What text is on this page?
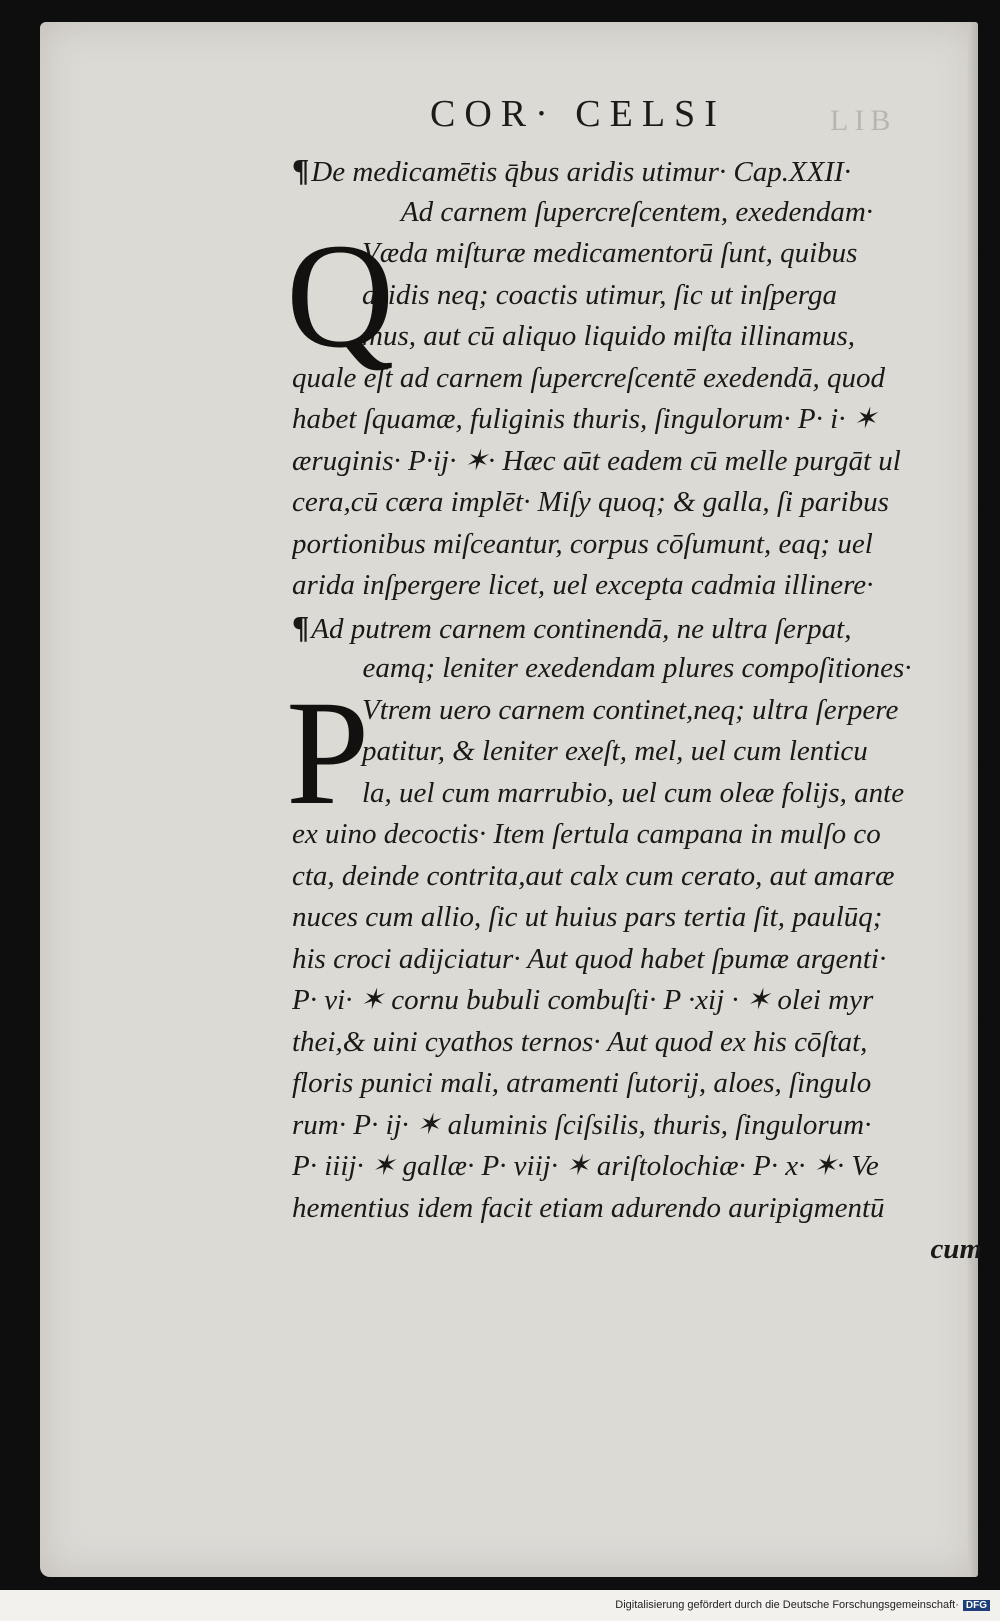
COR· CELSI	LIB
¶De medicamētis q̄bus aridis utimur· Cap.XXII·
Ad carnem ſupercreſcentem, exedendam·
Q
Væda miſturæ medicamentorū ſunt, quibus
aridis neq; coactis utimur, ſic ut inſperga
mus, aut cū aliquo liquido miſta illinamus,
quale eſt ad carnem ſupercreſcentē exedendā, quod
habet ſquamæ, fuliginis thuris, ſingulorum· P· i· ✶
æruginis· P·ij· ✶· Hæc aūt eadem cū melle purgāt ul
cera,cū cæra implēt· Miſy quoq; & galla, ſi paribus
portionibus miſceantur, corpus cōſumunt, eaq; uel
arida inſpergere licet, uel excepta cadmia illinere·
¶Ad putrem carnem continendā, ne ultra ſerpat,
eamq; leniter exedendam plures compoſitiones·
P
Vtrem uero carnem continet,neq; ultra ſerpere
patitur, & leniter exeſt, mel, uel cum lenticu
la, uel cum marrubio, uel cum oleæ folijs, ante
ex uino decoctis· Item ſertula campana in mulſo co
cta, deinde contrita,aut calx cum cerato, aut amaræ
nuces cum allio, ſic ut huius pars tertia ſit, paulūq;
his croci adijciatur· Aut quod habet ſpumæ argenti·
P· vi· ✶ cornu bubuli combuſti· P ·xij · ✶ olei myr
thei,& uini cyathos ternos· Aut quod ex his cōſtat,
floris punici mali, atramenti ſutorij, aloes, ſingulo
rum· P· ij· ✶ aluminis ſciſsilis, thuris, ſingulorum·
P· iiij· ✶ gallæ· P· viij· ✶ ariſtolochiæ· P· x· ✶· Ve
hementius idem facit etiam adurendo auripigmentū
cum
Digitalisierung gefördert durch die Deutsche Forschungsgemeinschaft· DFG
